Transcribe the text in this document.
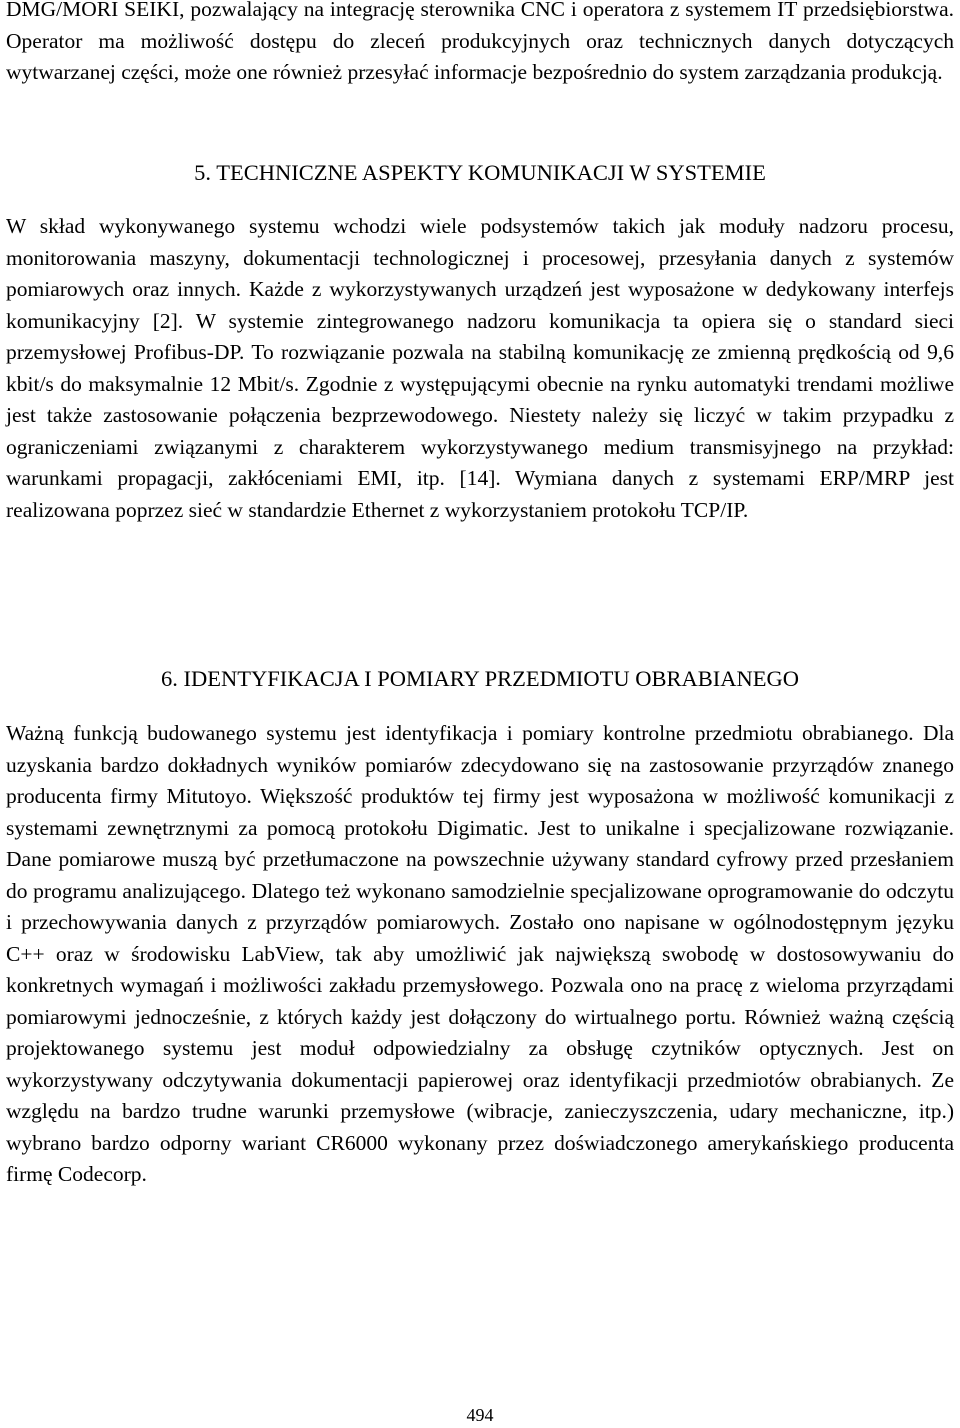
DMG/MORI SEIKI, pozwalający na integrację sterownika CNC i operatora z systemem IT przedsiębiorstwa. Operator ma możliwość dostępu do zleceń produkcyjnych oraz technicznych danych dotyczących wytwarzanej części, może one również przesyłać informacje bezpośrednio do system zarządzania produkcją.

5. TECHNICZNE ASPEKTY KOMUNIKACJI W SYSTEMIE

W skład wykonywanego systemu wchodzi wiele podsystemów takich jak moduły nadzoru procesu, monitorowania maszyny, dokumentacji technologicznej i procesowej, przesyłania danych z systemów pomiarowych oraz innych. Każde z wykorzystywanych urządzeń jest wyposażone w dedykowany interfejs komunikacyjny [2]. W systemie zintegrowanego nadzoru komunikacja ta opiera się o standard sieci przemysłowej Profibus-DP. To rozwiązanie pozwala na stabilną komunikację ze zmienną prędkością od 9,6 kbit/s do maksymalnie 12 Mbit/s. Zgodnie z występującymi obecnie na rynku automatyki trendami możliwe jest także zastosowanie połączenia bezprzewodowego. Niestety należy się liczyć w takim przypadku z ograniczeniami związanymi z charakterem wykorzystywanego medium transmisyjnego na przykład: warunkami propagacji, zakłóceniami EMI, itp. [14]. Wymiana danych z systemami ERP/MRP jest realizowana poprzez sieć w standardzie Ethernet z wykorzystaniem protokołu TCP/IP.

6. IDENTYFIKACJA I POMIARY PRZEDMIOTU OBRABIANEGO

Ważną funkcją budowanego systemu jest identyfikacja i pomiary kontrolne przedmiotu obrabianego. Dla uzyskania bardzo dokładnych wyników pomiarów zdecydowano się na zastosowanie przyrządów znanego producenta firmy Mitutoyo. Większość produktów tej firmy jest wyposażona w możliwość komunikacji z systemami zewnętrznymi za pomocą protokołu Digimatic. Jest to unikalne i specjalizowane rozwiązanie. Dane pomiarowe muszą być przetłumaczone na powszechnie używany standard cyfrowy przed przesłaniem do programu analizującego. Dlatego też wykonano samodzielnie specjalizowane oprogramowanie do odczytu i przechowywania danych z przyrządów pomiarowych. Zostało ono napisane w ogólnodostępnym języku C++ oraz w środowisku LabView, tak aby umożliwić jak największą swobodę w dostosowywaniu do konkretnych wymagań i możliwości zakładu przemysłowego. Pozwala ono na pracę z wieloma przyrządami pomiarowymi jednocześnie, z których każdy jest dołączony do wirtualnego portu. Również ważną częścią projektowanego systemu jest moduł odpowiedzialny za obsługę czytników optycznych. Jest on wykorzystywany odczytywania dokumentacji papierowej oraz identyfikacji przedmiotów obrabianych. Ze względu na bardzo trudne warunki przemysłowe (wibracje, zanieczyszczenia, udary mechaniczne, itp.) wybrano bardzo odporny wariant CR6000 wykonany przez doświadczonego amerykańskiego producenta firmę Codecorp.

494
